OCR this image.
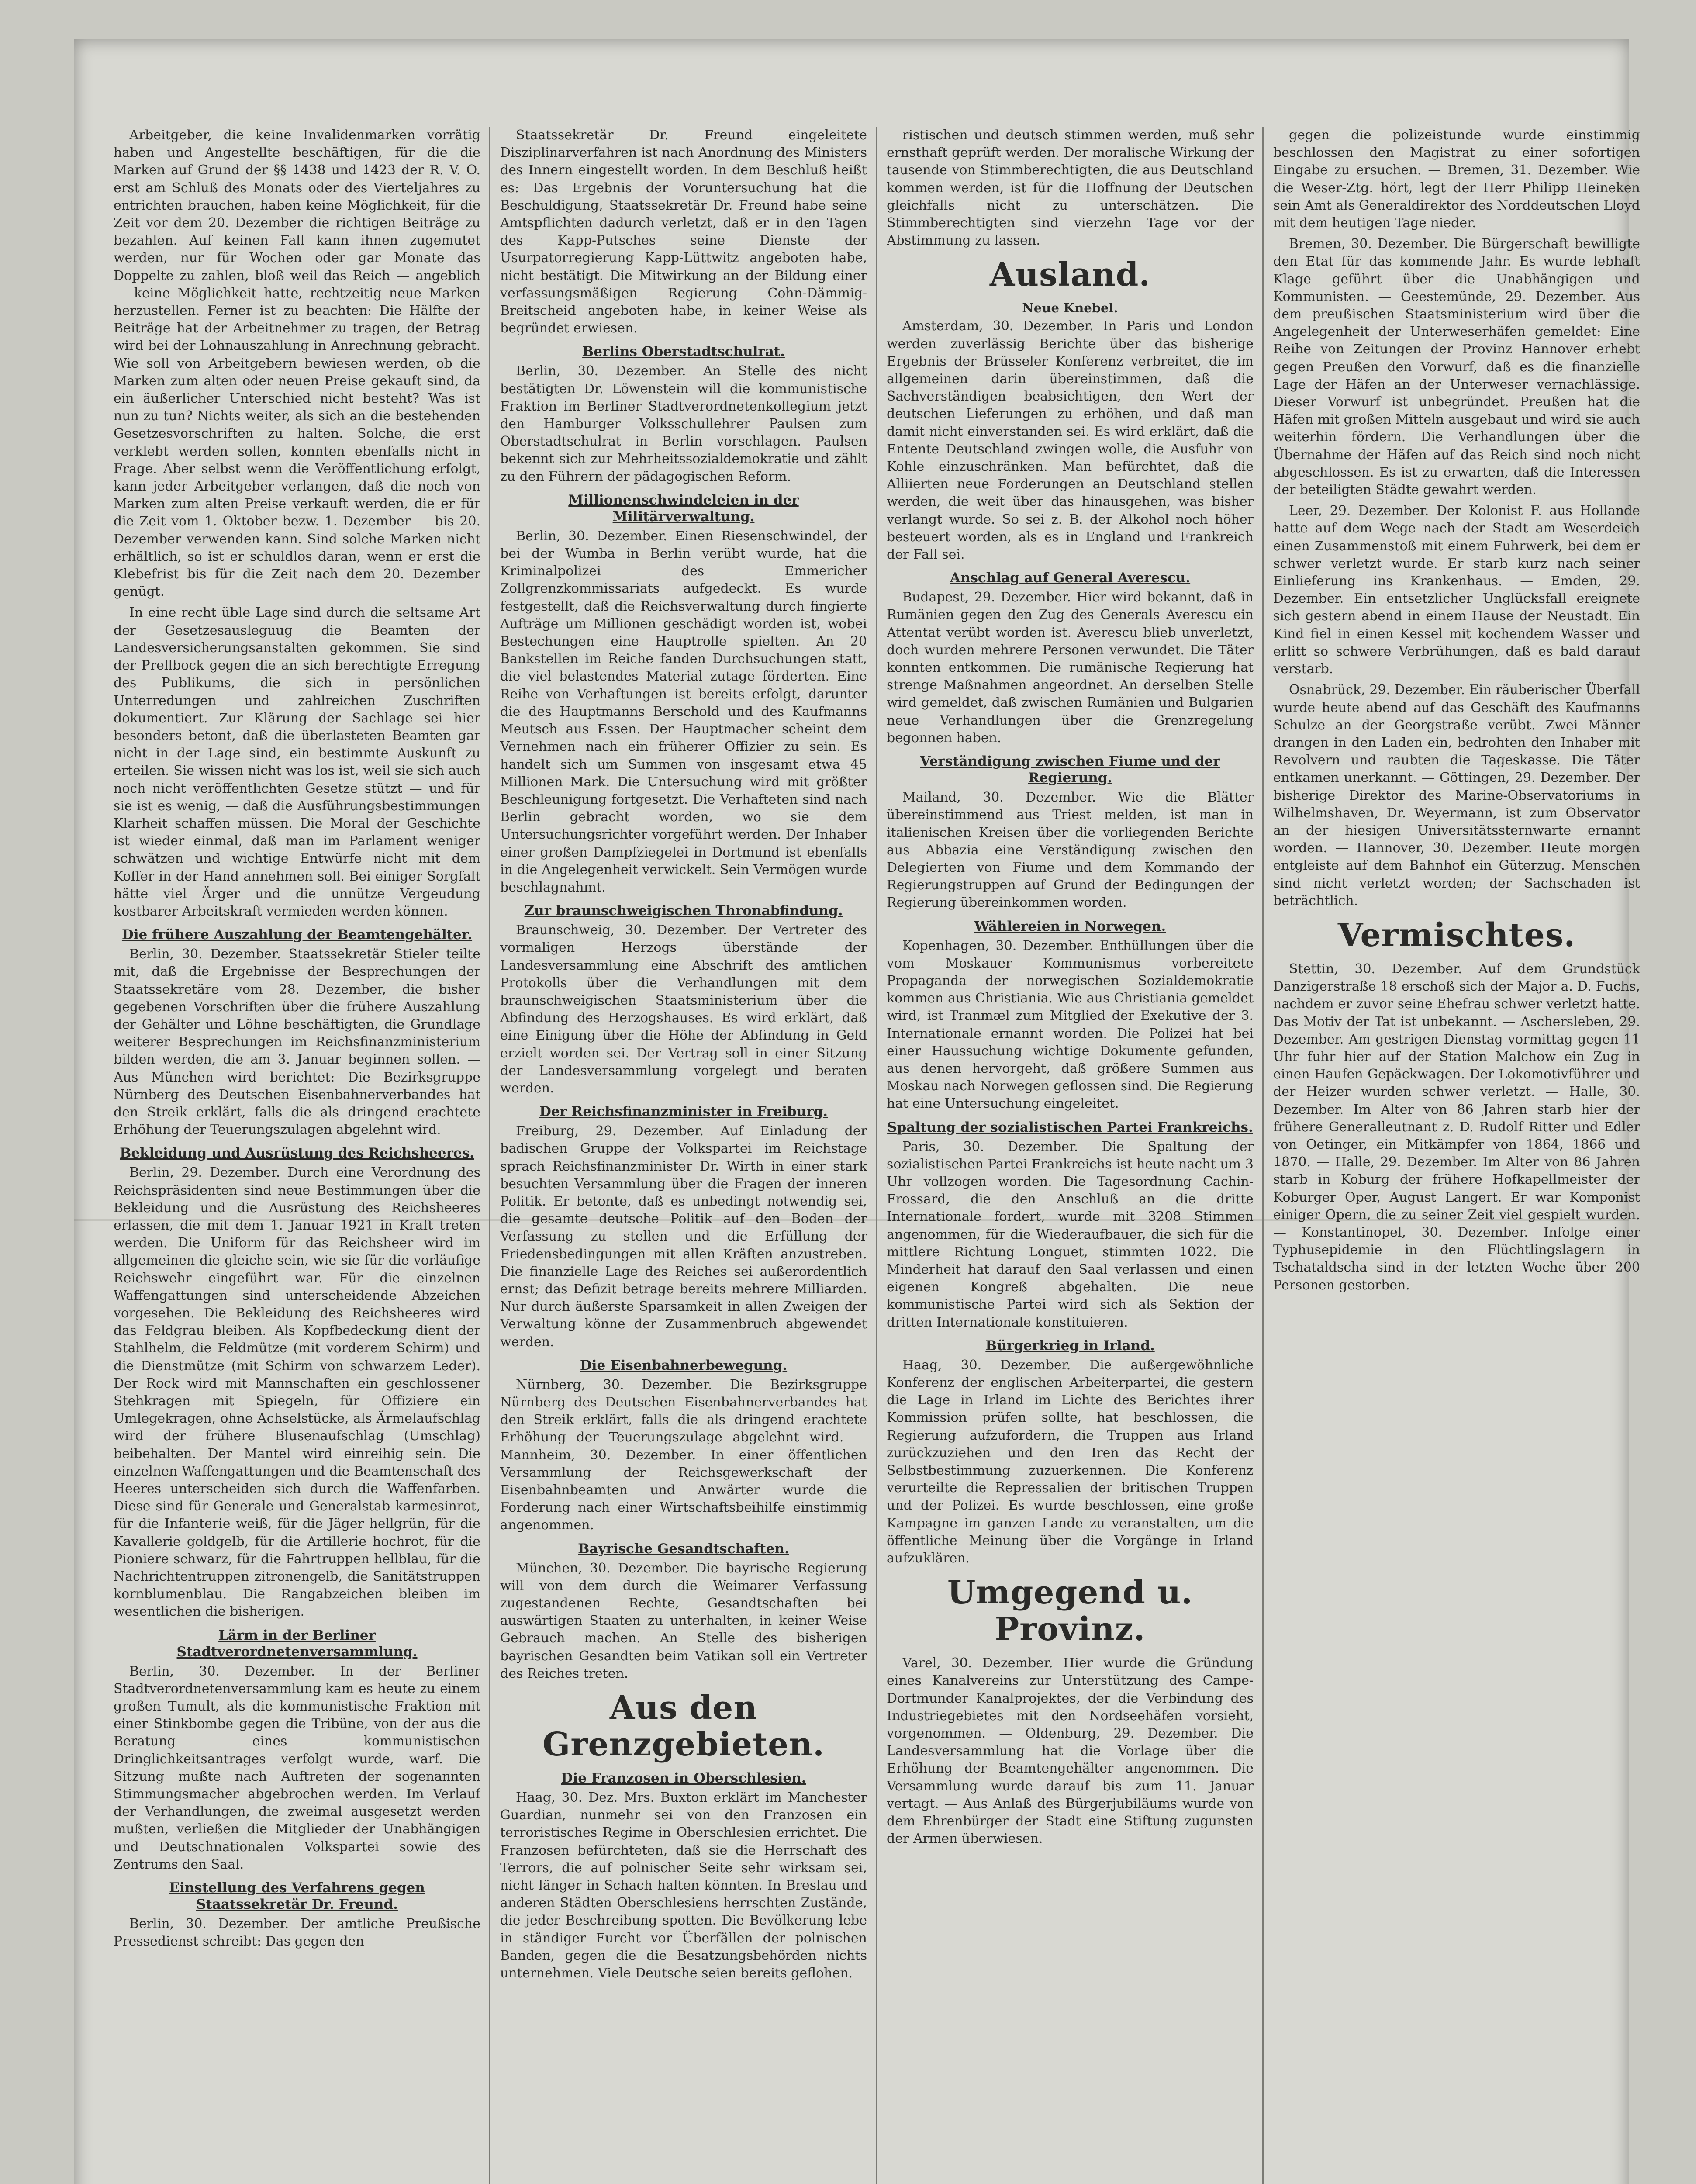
Arbeitgeber, die keine Invalidenmarken vorrätig haben und Angestellte beschäftigen, für die die Marken auf Grund der §§ 1438 und 1423 der R. V. O. erst am Schluß des Monats oder des Vierteljahres zu entrichten brauchen, haben keine Möglichkeit, für die Zeit vor dem 20. Dezember die richtigen Beiträge zu bezahlen. Auf keinen Fall kann ihnen zugemutet werden, nur für Wochen oder gar Monate das Doppelte zu zahlen, bloß weil das Reich — angeblich — keine Möglichkeit hatte, rechtzeitig neue Marken herzustellen. Ferner ist zu beachten: Die Hälfte der Beiträge hat der Arbeitnehmer zu tragen, der Betrag wird bei der Lohnauszahlung in Anrechnung gebracht. Wie soll von Arbeitgebern bewiesen werden, ob die Marken zum alten oder neuen Preise gekauft sind, da ein äußerlicher Unterschied nicht besteht? Was ist nun zu tun? Nichts weiter, als sich an die bestehenden Gesetzesvorschriften zu halten. Solche, die erst verklebt werden sollen, konnten ebenfalls nicht in Frage. Aber selbst wenn die Veröffentlichung erfolgt, kann jeder Arbeitgeber verlangen, daß die noch von Marken zum alten Preise verkauft werden, die er für die Zeit vom 1. Oktober bezw. 1. Dezember — bis 20. Dezember verwenden kann. Sind solche Marken nicht erhältlich, so ist er schuldlos daran, wenn er erst die Klebefrist bis für die Zeit nach dem 20. Dezember genügt.

In eine recht üble Lage sind durch die seltsame Art der Gesetzesausleguug die Beamten der Landesversicherungsanstalten gekommen. Sie sind der Prellbock gegen die an sich berechtigte Erregung des Publikums, die sich in persönlichen Unterredungen und zahlreichen Zuschriften dokumentiert. Zur Klärung der Sachlage sei hier besonders betont, daß die überlasteten Beamten gar nicht in der Lage sind, ein bestimmte Auskunft zu erteilen. Sie wissen nicht was los ist, weil sie sich auch noch nicht veröffentlichten Gesetze stützt — und für sie ist es wenig, — daß die Ausführungsbestimmungen Klarheit schaffen müssen. Die Moral der Geschichte ist wieder einmal, daß man im Parlament weniger schwätzen und wichtige Entwürfe nicht mit dem Koffer in der Hand annehmen soll. Bei einiger Sorgfalt hätte viel Ärger und die unnütze Vergeudung kostbarer Arbeitskraft vermieden werden können.

Die frühere Auszahlung der Beamtengehälter.

Berlin, 30. Dezember. Staatssekretär Stieler teilte mit, daß die Ergebnisse der Besprechungen der Staatssekretäre vom 28. Dezember, die bisher gegebenen Vorschriften über die frühere Auszahlung der Gehälter und Löhne beschäftigten, die Grundlage weiterer Besprechungen im Reichsfinanzministerium bilden werden, die am 3. Januar beginnen sollen. — Aus München wird berichtet: Die Bezirksgruppe Nürnberg des Deutschen Eisenbahnerverbandes hat den Streik erklärt, falls die als dringend erachtete Erhöhung der Teuerungszulagen abgelehnt wird.

Bekleidung und Ausrüstung des Reichsheeres.

Berlin, 29. Dezember. Durch eine Verordnung des Reichspräsidenten sind neue Bestimmungen über die Bekleidung und die Ausrüstung des Reichsheeres erlassen, die mit dem 1. Januar 1921 in Kraft treten werden. Die Uniform für das Reichsheer wird im allgemeinen die gleiche sein, wie sie für die vorläufige Reichswehr eingeführt war. Für die einzelnen Waffengattungen sind unterscheidende Abzeichen vorgesehen. Die Bekleidung des Reichsheeres wird das Feldgrau bleiben. Als Kopfbedeckung dient der Stahlhelm, die Feldmütze (mit vorderem Schirm) und die Dienstmütze (mit Schirm von schwarzem Leder). Der Rock wird mit Mannschaften ein geschlossener Stehkragen mit Spiegeln, für Offiziere ein Umlegekragen, ohne Achselstücke, als Ärmelaufschlag wird der frühere Blusenaufschlag (Umschlag) beibehalten. Der Mantel wird einreihig sein. Die einzelnen Waffengattungen und die Beamtenschaft des Heeres unterscheiden sich durch die Waffenfarben. Diese sind für Generale und Generalstab karmesinrot, für die Infanterie weiß, für die Jäger hellgrün, für die Kavallerie goldgelb, für die Artillerie hochrot, für die Pioniere schwarz, für die Fahrtruppen hellblau, für die Nachrichtentruppen zitronengelb, die Sanitätstruppen kornblumenblau. Die Rangabzeichen bleiben im wesentlichen die bisherigen.

Lärm in der Berliner Stadtverordnetenversammlung.

Berlin, 30. Dezember. In der Berliner Stadtverordnetenversammlung kam es heute zu einem großen Tumult, als die kommunistische Fraktion mit einer Stinkbombe gegen die Tribüne, von der aus die Beratung eines kommunistischen Dringlichkeitsantrages verfolgt wurde, warf. Die Sitzung mußte nach Auftreten der sogenannten Stimmungsmacher abgebrochen werden. Im Verlauf der Verhandlungen, die zweimal ausgesetzt werden mußten, verließen die Mitglieder der Unabhängigen und Deutschnationalen Volkspartei sowie des Zentrums den Saal.

Einstellung des Verfahrens gegen Staatssekretär Dr. Freund.

Berlin, 30. Dezember. Der amtliche Preußische Pressedienst schreibt: Das gegen den

Staatssekretär Dr. Freund eingeleitete Disziplinarverfahren ist nach Anordnung des Ministers des Innern eingestellt worden. In dem Beschluß heißt es: Das Ergebnis der Voruntersuchung hat die Beschuldigung, Staatssekretär Dr. Freund habe seine Amtspflichten dadurch verletzt, daß er in den Tagen des Kapp-Putsches seine Dienste der Usurpatorregierung Kapp-Lüttwitz angeboten habe, nicht bestätigt. Die Mitwirkung an der Bildung einer verfassungsmäßigen Regierung Cohn-Dämmig-Breitscheid angeboten habe, in keiner Weise als begründet erwiesen.

Berlins Oberstadtschulrat.

Berlin, 30. Dezember. An Stelle des nicht bestätigten Dr. Löwenstein will die kommunistische Fraktion im Berliner Stadtverordnetenkollegium jetzt den Hamburger Volksschullehrer Paulsen zum Oberstadtschulrat in Berlin vorschlagen. Paulsen bekennt sich zur Mehrheitssozialdemokratie und zählt zu den Führern der pädagogischen Reform.

Millionenschwindeleien in der Militärverwaltung.

Berlin, 30. Dezember. Einen Riesenschwindel, der bei der Wumba in Berlin verübt wurde, hat die Kriminalpolizei des Emmericher Zollgrenzkommissariats aufgedeckt. Es wurde festgestellt, daß die Reichsverwaltung durch fingierte Aufträge um Millionen geschädigt worden ist, wobei Bestechungen eine Hauptrolle spielten. An 20 Bankstellen im Reiche fanden Durchsuchungen statt, die viel belastendes Material zutage förderten. Eine Reihe von Verhaftungen ist bereits erfolgt, darunter die des Hauptmanns Berschold und des Kaufmanns Meutsch aus Essen. Der Hauptmacher scheint dem Vernehmen nach ein früherer Offizier zu sein. Es handelt sich um Summen von insgesamt etwa 45 Millionen Mark. Die Untersuchung wird mit größter Beschleunigung fortgesetzt. Die Verhafteten sind nach Berlin gebracht worden, wo sie dem Untersuchungsrichter vorgeführt werden. Der Inhaber einer großen Dampfziegelei in Dortmund ist ebenfalls in die Angelegenheit verwickelt. Sein Vermögen wurde beschlagnahmt.

Zur braunschweigischen Thronabfindung.

Braunschweig, 30. Dezember. Der Vertreter des vormaligen Herzogs überstände der Landesversammlung eine Abschrift des amtlichen Protokolls über die Verhandlungen mit dem braunschweigischen Staatsministerium über die Abfindung des Herzogshauses. Es wird erklärt, daß eine Einigung über die Höhe der Abfindung in Geld erzielt worden sei. Der Vertrag soll in einer Sitzung der Landesversammlung vorgelegt und beraten werden.

Der Reichsfinanzminister in Freiburg.

Freiburg, 29. Dezember. Auf Einladung der badischen Gruppe der Volkspartei im Reichstage sprach Reichsfinanzminister Dr. Wirth in einer stark besuchten Versammlung über die Fragen der inneren Politik. Er betonte, daß es unbedingt notwendig sei, die gesamte deutsche Politik auf den Boden der Verfassung zu stellen und die Erfüllung der Friedensbedingungen mit allen Kräften anzustreben. Die finanzielle Lage des Reiches sei außerordentlich ernst; das Defizit betrage bereits mehrere Milliarden. Nur durch äußerste Sparsamkeit in allen Zweigen der Verwaltung könne der Zusammenbruch abgewendet werden.

Die Eisenbahnerbewegung.

Nürnberg, 30. Dezember. Die Bezirksgruppe Nürnberg des Deutschen Eisenbahnerverbandes hat den Streik erklärt, falls die als dringend erachtete Erhöhung der Teuerungszulage abgelehnt wird. — Mannheim, 30. Dezember. In einer öffentlichen Versammlung der Reichsgewerkschaft der Eisenbahnbeamten und Anwärter wurde die Forderung nach einer Wirtschaftsbeihilfe einstimmig angenommen.

Bayrische Gesandtschaften.

München, 30. Dezember. Die bayrische Regierung will von dem durch die Weimarer Verfassung zugestandenen Rechte, Gesandtschaften bei auswärtigen Staaten zu unterhalten, in keiner Weise Gebrauch machen. An Stelle des bisherigen bayrischen Gesandten beim Vatikan soll ein Vertreter des Reiches treten.

Aus den Grenzgebieten.
Die Franzosen in Oberschlesien.

Haag, 30. Dez. Mrs. Buxton erklärt im Manchester Guardian, nunmehr sei von den Franzosen ein terroristisches Regime in Oberschlesien errichtet. Die Franzosen befürchteten, daß sie die Herrschaft des Terrors, die auf polnischer Seite sehr wirksam sei, nicht länger in Schach halten könnten. In Breslau und anderen Städten Oberschlesiens herrschten Zustände, die jeder Beschreibung spotten. Die Bevölkerung lebe in ständiger Furcht vor Überfällen der polnischen Banden, gegen die die Besatzungsbehörden nichts unternehmen. Viele Deutsche seien bereits geflohen.

ristischen und deutsch stimmen werden, muß sehr ernsthaft geprüft werden. Der moralische Wirkung der tausende von Stimmberechtigten, die aus Deutschland kommen werden, ist für die Hoffnung der Deutschen gleichfalls nicht zu unterschätzen. Die Stimmberechtigten sind vierzehn Tage vor der Abstimmung zu lassen.

Ausland.
Neue Knebel.

Amsterdam, 30. Dezember. In Paris und London werden zuverlässig Berichte über das bisherige Ergebnis der Brüsseler Konferenz verbreitet, die im allgemeinen darin übereinstimmen, daß die Sachverständigen beabsichtigen, den Wert der deutschen Lieferungen zu erhöhen, und daß man damit nicht einverstanden sei. Es wird erklärt, daß die Entente Deutschland zwingen wolle, die Ausfuhr von Kohle einzuschränken. Man befürchtet, daß die Alliierten neue Forderungen an Deutschland stellen werden, die weit über das hinausgehen, was bisher verlangt wurde. So sei z. B. der Alkohol noch höher besteuert worden, als es in England und Frankreich der Fall sei.

Anschlag auf General Averescu.

Budapest, 29. Dezember. Hier wird bekannt, daß in Rumänien gegen den Zug des Generals Averescu ein Attentat verübt worden ist. Averescu blieb unverletzt, doch wurden mehrere Personen verwundet. Die Täter konnten entkommen. Die rumänische Regierung hat strenge Maßnahmen angeordnet. An derselben Stelle wird gemeldet, daß zwischen Rumänien und Bulgarien neue Verhandlungen über die Grenzregelung begonnen haben.

Verständigung zwischen Fiume und der Regierung.

Mailand, 30. Dezember. Wie die Blätter übereinstimmend aus Triest melden, ist man in italienischen Kreisen über die vorliegenden Berichte aus Abbazia eine Verständigung zwischen den Delegierten von Fiume und dem Kommando der Regierungstruppen auf Grund der Bedingungen der Regierung übereinkommen worden.

Wählereien in Norwegen.

Kopenhagen, 30. Dezember. Enthüllungen über die vom Moskauer Kommunismus vorbereitete Propaganda der norwegischen Sozialdemokratie kommen aus Christiania. Wie aus Christiania gemeldet wird, ist Tranmæl zum Mitglied der Exekutive der 3. Internationale ernannt worden. Die Polizei hat bei einer Haussuchung wichtige Dokumente gefunden, aus denen hervorgeht, daß größere Summen aus Moskau nach Norwegen geflossen sind. Die Regierung hat eine Untersuchung eingeleitet.

Spaltung der sozialistischen Partei Frankreichs.

Paris, 30. Dezember. Die Spaltung der sozialistischen Partei Frankreichs ist heute nacht um 3 Uhr vollzogen worden. Die Tagesordnung Cachin-Frossard, die den Anschluß an die dritte Internationale fordert, wurde mit 3208 Stimmen angenommen, für die Wiederaufbauer, die sich für die mittlere Richtung Longuet, stimmten 1022. Die Minderheit hat darauf den Saal verlassen und einen eigenen Kongreß abgehalten. Die neue kommunistische Partei wird sich als Sektion der dritten Internationale konstituieren.

Bürgerkrieg in Irland.

Haag, 30. Dezember. Die außergewöhnliche Konferenz der englischen Arbeiterpartei, die gestern die Lage in Irland im Lichte des Berichtes ihrer Kommission prüfen sollte, hat beschlossen, die Regierung aufzufordern, die Truppen aus Irland zurückzuziehen und den Iren das Recht der Selbstbestimmung zuzuerkennen. Die Konferenz verurteilte die Repressalien der britischen Truppen und der Polizei. Es wurde beschlossen, eine große Kampagne im ganzen Lande zu veranstalten, um die öffentliche Meinung über die Vorgänge in Irland aufzuklären.

Umgegend u. Provinz.

Varel, 30. Dezember. Hier wurde die Gründung eines Kanalvereins zur Unterstützung des Campe-Dortmunder Kanalprojektes, der die Verbindung des Industriegebietes mit den Nordseehäfen vorsieht, vorgenommen. — Oldenburg, 29. Dezember. Die Landesversammlung hat die Vorlage über die Erhöhung der Beamtengehälter angenommen. Die Versammlung wurde darauf bis zum 11. Januar vertagt. — Aus Anlaß des Bürgerjubiläums wurde von dem Ehrenbürger der Stadt eine Stiftung zugunsten der Armen überwiesen.

gegen die polizeistunde wurde einstimmig beschlossen den Magistrat zu einer sofortigen Eingabe zu ersuchen. — Bremen, 31. Dezember. Wie die Weser-Ztg. hört, legt der Herr Philipp Heineken sein Amt als Generaldirektor des Norddeutschen Lloyd mit dem heutigen Tage nieder.

Bremen, 30. Dezember. Die Bürgerschaft bewilligte den Etat für das kommende Jahr. Es wurde lebhaft Klage geführt über die Unabhängigen und Kommunisten. — Geestemünde, 29. Dezember. Aus dem preußischen Staatsministerium wird über die Angelegenheit der Unterweserhäfen gemeldet: Eine Reihe von Zeitungen der Provinz Hannover erhebt gegen Preußen den Vorwurf, daß es die finanzielle Lage der Häfen an der Unterweser vernachlässige. Dieser Vorwurf ist unbegründet. Preußen hat die Häfen mit großen Mitteln ausgebaut und wird sie auch weiterhin fördern. Die Verhandlungen über die Übernahme der Häfen auf das Reich sind noch nicht abgeschlossen. Es ist zu erwarten, daß die Interessen der beteiligten Städte gewahrt werden.

Leer, 29. Dezember. Der Kolonist F. aus Hollande hatte auf dem Wege nach der Stadt am Weserdeich einen Zusammenstoß mit einem Fuhrwerk, bei dem er schwer verletzt wurde. Er starb kurz nach seiner Einlieferung ins Krankenhaus. — Emden, 29. Dezember. Ein entsetzlicher Unglücksfall ereignete sich gestern abend in einem Hause der Neustadt. Ein Kind fiel in einen Kessel mit kochendem Wasser und erlitt so schwere Verbrühungen, daß es bald darauf verstarb.

Osnabrück, 29. Dezember. Ein räuberischer Überfall wurde heute abend auf das Geschäft des Kaufmanns Schulze an der Georgstraße verübt. Zwei Männer drangen in den Laden ein, bedrohten den Inhaber mit Revolvern und raubten die Tageskasse. Die Täter entkamen unerkannt. — Göttingen, 29. Dezember. Der bisherige Direktor des Marine-Observatoriums in Wilhelmshaven, Dr. Weyermann, ist zum Observator an der hiesigen Universitätssternwarte ernannt worden. — Hannover, 30. Dezember. Heute morgen entgleiste auf dem Bahnhof ein Güterzug. Menschen sind nicht verletzt worden; der Sachschaden ist beträchtlich.

Vermischtes.

Stettin, 30. Dezember. Auf dem Grundstück Danzigerstraße 18 erschoß sich der Major a. D. Fuchs, nachdem er zuvor seine Ehefrau schwer verletzt hatte. Das Motiv der Tat ist unbekannt. — Aschersleben, 29. Dezember. Am gestrigen Dienstag vormittag gegen 11 Uhr fuhr hier auf der Station Malchow ein Zug in einen Haufen Gepäckwagen. Der Lokomotivführer und der Heizer wurden schwer verletzt. — Halle, 30. Dezember. Im Alter von 86 Jahren starb hier der frühere Generalleutnant z. D. Rudolf Ritter und Edler von Oetinger, ein Mitkämpfer von 1864, 1866 und 1870. — Halle, 29. Dezember. Im Alter von 86 Jahren starb in Koburg der frühere Hofkapellmeister der Koburger Oper, August Langert. Er war Komponist einiger Opern, die zu seiner Zeit viel gespielt wurden. — Konstantinopel, 30. Dezember. Infolge einer Typhusepidemie in den Flüchtlingslagern in Tschataldscha sind in der letzten Woche über 200 Personen gestorben.
